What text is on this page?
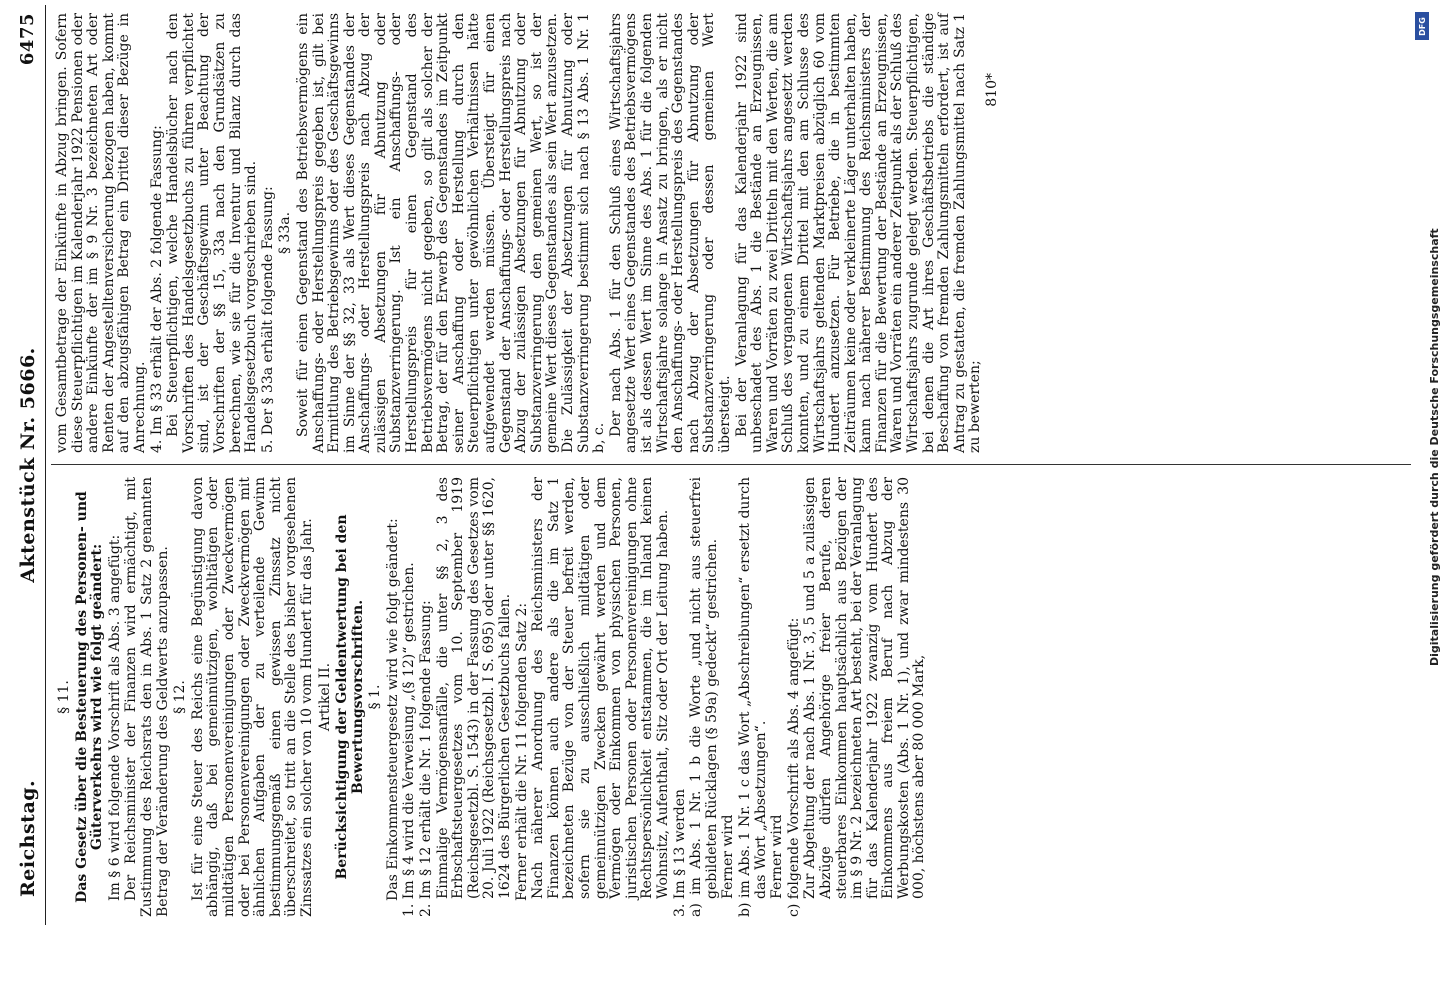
Reichstag.
Aktenstück Nr. 5666.
6475

§ 11. Das Gesetz über die Besteuerung des Personen- und Güterverkehrs wird wie folgt geändert: Im § 6 wird folgende Vorschrift als Abs. 3 angefügt: Der Reichsminister der Finanzen wird ermächtigt, mit Zustimmung des Reichsrats den in Abs. 1 Satz 2 genannten Betrag der Veränderung des Geldwerts anzupassen. § 12. Ist für eine Steuer des Reichs eine Begünstigung davon abhängig, daß bei gemeinnützigen, wohltätigen oder mildtätigen Personenvereinigungen oder Zweckvermögen oder bei Personenvereinigungen oder Zweckvermögen mit ähnlichen Aufgaben der zu verteilende Gewinn bestimmungsgemäß einen gewissen Zinssatz nicht überschreitet, so tritt an die Stelle des bisher vorgesehenen Zinssatzes ein solcher von 10 vom Hundert für das Jahr. Artikel II. Berücksichtigung der Geldentwertung bei den Bewertungsvorschriften. § 1. Das Einkommensteuergesetz wird wie folgt geändert: 1. Im § 4 wird die Verweisung „(§ 12)“ gestrichen. 2. Im § 12 erhält die Nr. 1 folgende Fassung: Einmalige Vermögensanfälle, die unter §§ 2, 3 des Erbschaftsteuergesetzes vom 10. September 1919 (Reichsgesetzbl. S. 1543) in der Fassung des Gesetzes vom 20. Juli 1922 (Reichsgesetzbl. I S. 695) oder unter §§ 1620, 1624 des Bürgerlichen Gesetzbuchs fallen. Ferner erhält die Nr. 11 folgenden Satz 2: Nach näherer Anordnung des Reichsministers der Finanzen können auch andere als die im Satz 1 bezeichneten Bezüge von der Steuer befreit werden, sofern sie zu ausschließlich mildtätigen oder gemeinnützigen Zwecken gewährt werden und dem Vermögen oder Einkommen von physischen Personen, juristischen Personen oder Personenvereinigungen ohne Rechtspersönlichkeit entstammen, die im Inland keinen Wohnsitz, Aufenthalt, Sitz oder Ort der Leitung haben. 3. Im § 13 werden a) im Abs. 1 Nr. 1 b die Worte „und nicht aus steuerfrei gebildeten Rücklagen (§ 59a) gedeckt“ gestrichen. Ferner wird b) im Abs. 1 Nr. 1 c das Wort „Abschreibungen“ ersetzt durch das Wort „Absetzungen“. Ferner wird c) folgende Vorschrift als Abs. 4 angefügt: Zur Abgeltung der nach Abs. 1 Nr. 3, 5 und 5 a zulässigen Abzüge dürfen Angehörige freier Berufe, deren steuerbares Einkommen hauptsächlich aus Bezügen der im § 9 Nr. 2 bezeichneten Art besteht, bei der Veranlagung für das Kalenderjahr 1922 zwanzig vom Hundert des Einkommens aus freiem Beruf nach Abzug der Werbungskosten (Abs. 1 Nr. 1), und zwar mindestens 30 000, höchstens aber 80 000 Mark,

vom Gesamtbetrage der Einkünfte in Abzug bringen. Sofern diese Steuerpflichtigen im Kalenderjahr 1922 Pensionen oder andere Einkünfte der im § 9 Nr. 3 bezeichneten Art oder Renten der Angestelltenversicherung bezogen haben, kommt auf den abzugsfähigen Betrag ein Drittel dieser Bezüge in Anrechnung. 4. Im § 33 erhält der Abs. 2 folgende Fassung: Bei Steuerpflichtigen, welche Handelsbücher nach den Vorschriften des Handelsgesetzbuchs zu führen verpflichtet sind, ist der Geschäftsgewinn unter Beachtung der Vorschriften der §§ 15, 33a nach den Grundsätzen zu berechnen, wie sie für die Inventur und Bilanz durch das Handelsgesetzbuch vorgeschrieben sind. 5. Der § 33a erhält folgende Fassung: § 33a. Soweit für einen Gegenstand des Betriebsvermögens ein Anschaffungs- oder Herstellungspreis gegeben ist, gilt bei Ermittlung des Betriebsgewinns oder des Geschäftsgewinns im Sinne der §§ 32, 33 als Wert dieses Gegenstandes der Anschaffungs- oder Herstellungspreis nach Abzug der zulässigen Absetzungen für Abnutzung oder Substanzverringerung. Ist ein Anschaffungs- oder Herstellungspreis für einen Gegenstand des Betriebsvermögens nicht gegeben, so gilt als solcher der Betrag, der für den Erwerb des Gegenstandes im Zeitpunkt seiner Anschaffung oder Herstellung durch den Steuerpflichtigen unter gewöhnlichen Verhältnissen hätte aufgewendet werden müssen. Übersteigt für einen Gegenstand der Anschaffungs- oder Herstellungspreis nach Abzug der zulässigen Absetzungen für Abnutzung oder Substanzverringerung den gemeinen Wert, so ist der gemeine Wert dieses Gegenstandes als sein Wert anzusetzen. Die Zulässigkeit der Absetzungen für Abnutzung oder Substanzverringerung bestimmt sich nach § 13 Abs. 1 Nr. 1 b, c.

Der nach Abs. 1 für den Schluß eines Wirtschaftsjahrs angesetzte Wert eines Gegenstandes des Betriebsvermögens ist als dessen Wert im Sinne des Abs. 1 für die folgenden Wirtschaftsjahre solange in Ansatz zu bringen, als er nicht den Anschaffungs- oder Herstellungspreis des Gegenstandes nach Abzug der Absetzungen für Abnutzung oder Substanzverringerung oder dessen gemeinen Wert übersteigt. Bei der Veranlagung für das Kalenderjahr 1922 sind unbeschadet des Abs. 1 die Bestände an Erzeugnissen, Waren und Vorräten zu zwei Dritteln mit den Werten, die am Schluß des vergangenen Wirtschaftsjahrs angesetzt werden konnten, und zu einem Drittel mit den am Schlusse des Wirtschaftsjahrs geltenden Marktpreisen abzüglich 60 vom Hundert anzusetzen. Für Betriebe, die in bestimmten Zeiträumen keine oder verkleinerte Läger unterhalten haben, kann nach näherer Bestimmung des Reichsministers der Finanzen für die Bewertung der Bestände an Erzeugnissen, Waren und Vorräten ein anderer Zeitpunkt als der Schluß des Wirtschaftsjahrs zugrunde gelegt werden. Steuerpflichtigen, bei denen die Art ihres Geschäftsbetriebs die ständige Beschaffung von fremden Zahlungsmitteln erfordert, ist auf Antrag zu gestatten, die fremden Zahlungsmittel nach Satz 1 zu bewerten;

810*

DFG
Digitalisierung gefördert durch die Deutsche Forschungsgemeinschaft
